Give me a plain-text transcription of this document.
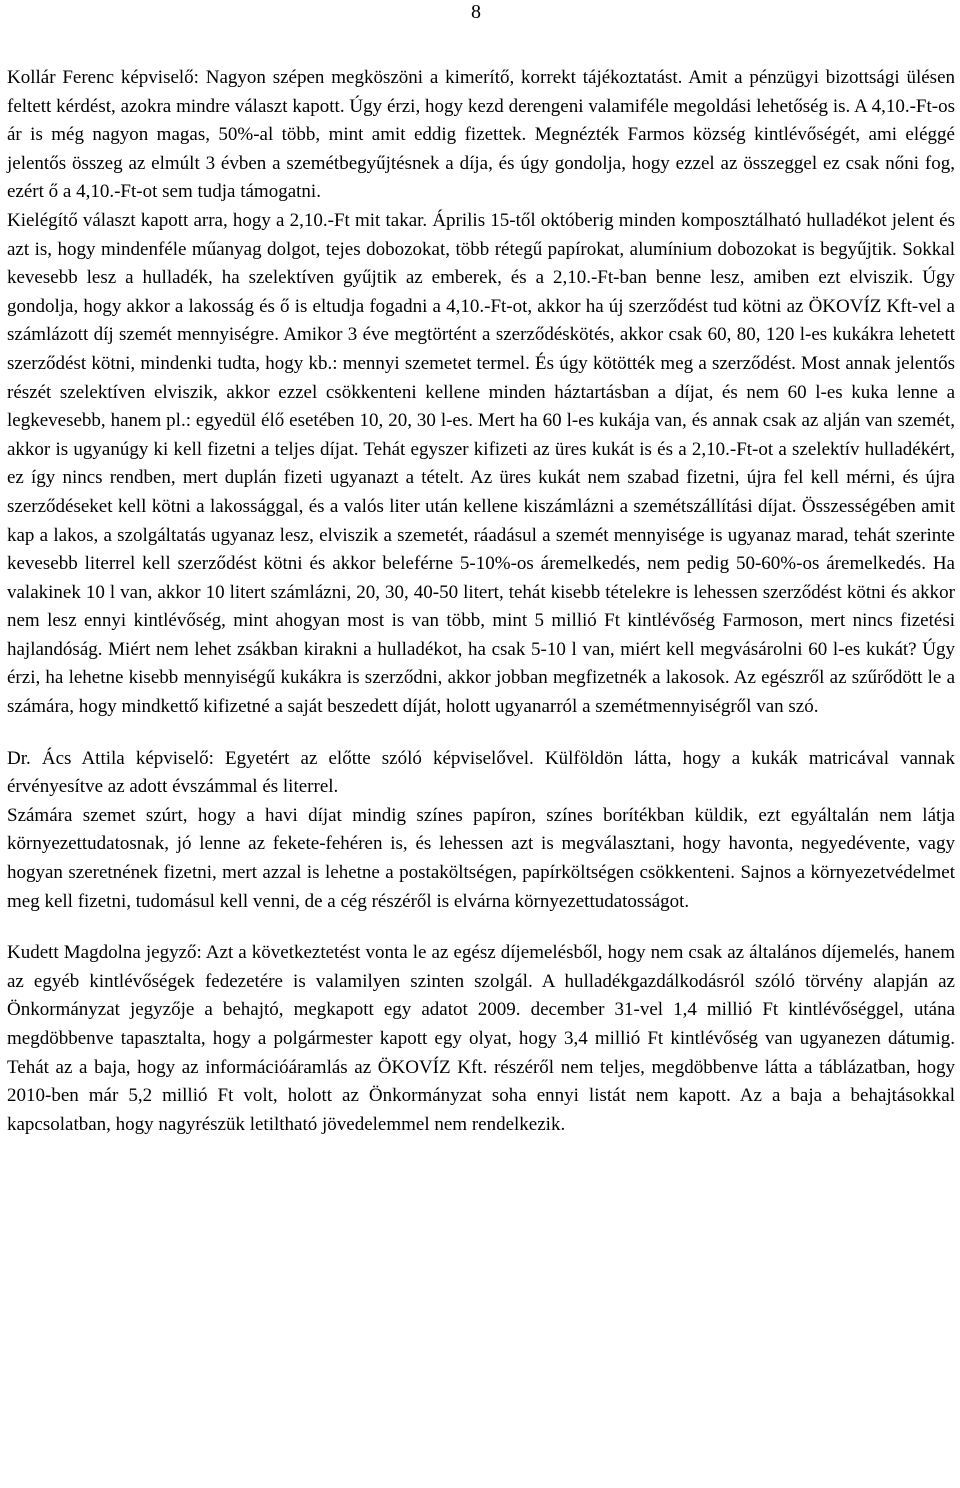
8

Kollár Ferenc képviselő: Nagyon szépen megköszöni a kimerítő, korrekt tájékoztatást. Amit a pénzügyi bizottsági ülésen feltett kérdést, azokra mindre választ kapott. Úgy érzi, hogy kezd derengeni valamiféle megoldási lehetőség is. A 4,10.-Ft-os ár is még nagyon magas, 50%-al több, mint amit eddig fizettek. Megnézték Farmos község kintlévőségét, ami eléggé jelentős összeg az elmúlt 3 évben a szemétbegyűjtésnek a díja, és úgy gondolja, hogy ezzel az összeggel ez csak nőni fog, ezért ő a 4,10.-Ft-ot sem tudja támogatni.

Kielégítő választ kapott arra, hogy a 2,10.-Ft mit takar. Április 15-től októberig minden komposztálható hulladékot jelent és azt is, hogy mindenféle műanyag dolgot, tejes dobozokat, több rétegű papírokat, alumínium dobozokat is begyűjtik. Sokkal kevesebb lesz a hulladék, ha szelektíven gyűjtik az emberek, és a 2,10.-Ft-ban benne lesz, amiben ezt elviszik. Úgy gondolja, hogy akkor a lakosság és ő is eltudja fogadni a 4,10.-Ft-ot, akkor ha új szerződést tud kötni az ÖKOVÍZ Kft-vel a számlázott díj szemét mennyiségre. Amikor 3 éve megtörtént a szerződéskötés, akkor csak 60, 80, 120 l-es kukákra lehetett szerződést kötni, mindenki tudta, hogy kb.: mennyi szemetet termel. És úgy kötötték meg a szerződést. Most annak jelentős részét szelektíven elviszik, akkor ezzel csökkenteni kellene minden háztartásban a díjat, és nem 60 l-es kuka lenne a legkevesebb, hanem pl.: egyedül élő esetében 10, 20, 30 l-es. Mert ha 60 l-es kukája van, és annak csak az alján van szemét, akkor is ugyanúgy ki kell fizetni a teljes díjat. Tehát egyszer kifizeti az üres kukát is és a 2,10.-Ft-ot a szelektív hulladékért, ez így nincs rendben, mert duplán fizeti ugyanazt a tételt. Az üres kukát nem szabad fizetni, újra fel kell mérni, és újra szerződéseket kell kötni a lakossággal, és a valós liter után kellene kiszámlázni a szemétszállítási díjat. Összességében amit kap a lakos, a szolgáltatás ugyanaz lesz, elviszik a szemetét, ráadásul a szemét mennyisége is ugyanaz marad, tehát szerinte kevesebb literrel kell szerződést kötni és akkor beleférne 5-10%-os áremelkedés, nem pedig 50-60%-os áremelkedés. Ha valakinek 10 l van, akkor 10 litert számlázni, 20, 30, 40-50 litert, tehát kisebb tételekre is lehessen szerződést kötni és akkor nem lesz ennyi kintlévőség, mint ahogyan most is van több, mint 5 millió Ft kintlévőség Farmoson, mert nincs fizetési hajlandóság. Miért nem lehet zsákban kirakni a hulladékot, ha csak 5-10 l van, miért kell megvásárolni 60 l-es kukát? Úgy érzi, ha lehetne kisebb mennyiségű kukákra is szerződni, akkor jobban megfizetnék a lakosok. Az egészről az szűrődött le a számára, hogy mindkettő kifizetné a saját beszedett díját, holott ugyanarról a szemétmennyiségről van szó.

Dr. Ács Attila képviselő: Egyetért az előtte szóló képviselővel. Külföldön látta, hogy a kukák matricával vannak érvényesítve az adott évszámmal és literrel.

Számára szemet szúrt, hogy a havi díjat mindig színes papíron, színes borítékban küldik, ezt egyáltalán nem látja környezettudatosnak, jó lenne az fekete-fehéren is, és lehessen azt is megválasztani, hogy havonta, negyedévente, vagy hogyan szeretnének fizetni, mert azzal is lehetne a postaköltségen, papírköltségen csökkenteni. Sajnos a környezetvédelmet meg kell fizetni, tudomásul kell venni, de a cég részéről is elvárna környezettudatosságot.

Kudett Magdolna jegyző: Azt a következtetést vonta le az egész díjemelésből, hogy nem csak az általános díjemelés, hanem az egyéb kintlévőségek fedezetére is valamilyen szinten szolgál. A hulladékgazdálkodásról szóló törvény alapján az Önkormányzat jegyzője a behajtó, megkapott egy adatot 2009. december 31-vel 1,4 millió Ft kintlévőséggel, utána megdöbbenve tapasztalta, hogy a polgármester kapott egy olyat, hogy 3,4 millió Ft kintlévőség van ugyanezen dátumig. Tehát az a baja, hogy az információáramlás az ÖKOVÍZ Kft. részéről nem teljes, megdöbbenve látta a táblázatban, hogy 2010-ben már 5,2 millió Ft volt, holott az Önkormányzat soha ennyi listát nem kapott. Az a baja a behajtásokkal kapcsolatban, hogy nagyrészük letiltható jövedelemmel nem rendelkezik.
